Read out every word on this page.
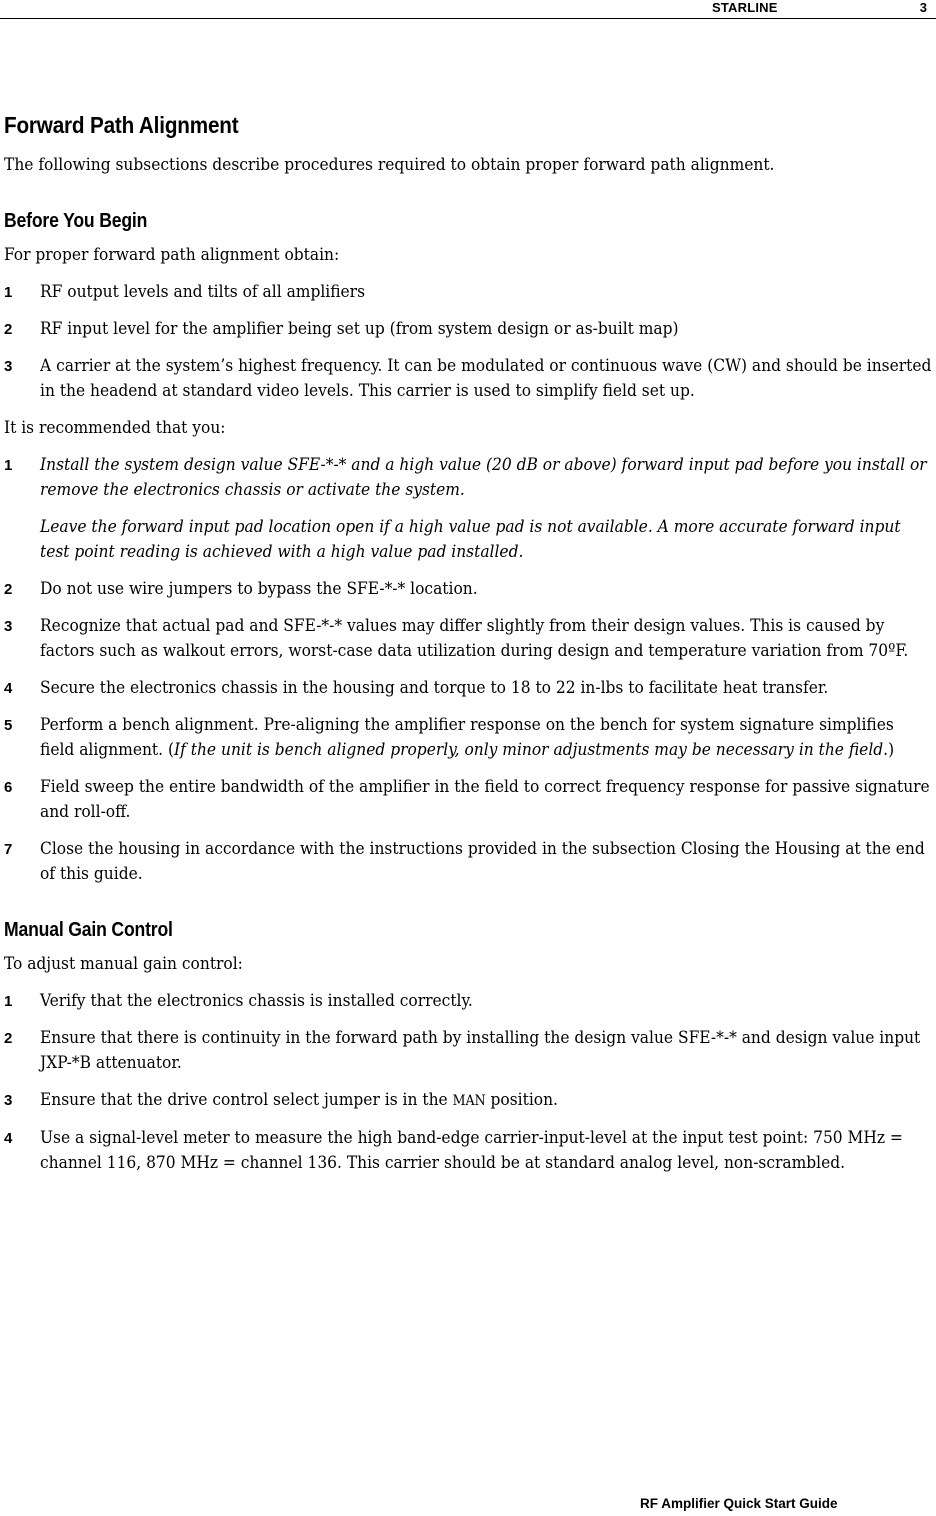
STARLINE	3
Forward Path Alignment

The following subsections describe procedures required to obtain proper forward path alignment.

Before You Begin

For proper forward path alignment obtain:

1	RF output levels and tilts of all amplifiers
2	RF input level for the amplifier being set up (from system design or as-built map)
3	A carrier at the system’s highest frequency. It can be modulated or continuous wave (CW) and should be inserted in the headend at standard video levels. This carrier is used to simplify field set up.

It is recommended that you:

1	Install the system design value SFE-*-* and a high value (20 dB or above) forward input pad before you install or remove the electronics chassis or activate the system.

Leave the forward input pad location open if a high value pad is not available. A more accurate forward input test point reading is achieved with a high value pad installed.

2	Do not use wire jumpers to bypass the SFE-*-* location.
3	Recognize that actual pad and SFE-*-* values may differ slightly from their design values. This is caused by factors such as walkout errors, worst-case data utilization during design and temperature variation from 70ºF.
4	Secure the electronics chassis in the housing and torque to 18 to 22 in-lbs to facilitate heat transfer.
5	Perform a bench alignment. Pre-aligning the amplifier response on the bench for system signature simplifies field alignment. (If the unit is bench aligned properly, only minor adjustments may be necessary in the field.)

6	Field sweep the entire bandwidth of the amplifier in the field to correct frequency response for passive signature and roll-off.
7	Close the housing in accordance with the instructions provided in the subsection Closing the Housing at the end of this guide.
Manual Gain Control

To adjust manual gain control:

1	Verify that the electronics chassis is installed correctly.
2	Ensure that there is continuity in the forward path by installing the design value SFE-*-* and design value input JXP-*B attenuator.
3	Ensure that the drive control select jumper is in the MAN position.

4	Use a signal-level meter to measure the high band-edge carrier-input-level at the input test point: 750 MHz = channel 116, 870 MHz = channel 136. This carrier should be at standard analog level, non-scrambled.
RF Amplifier Quick Start Guide
